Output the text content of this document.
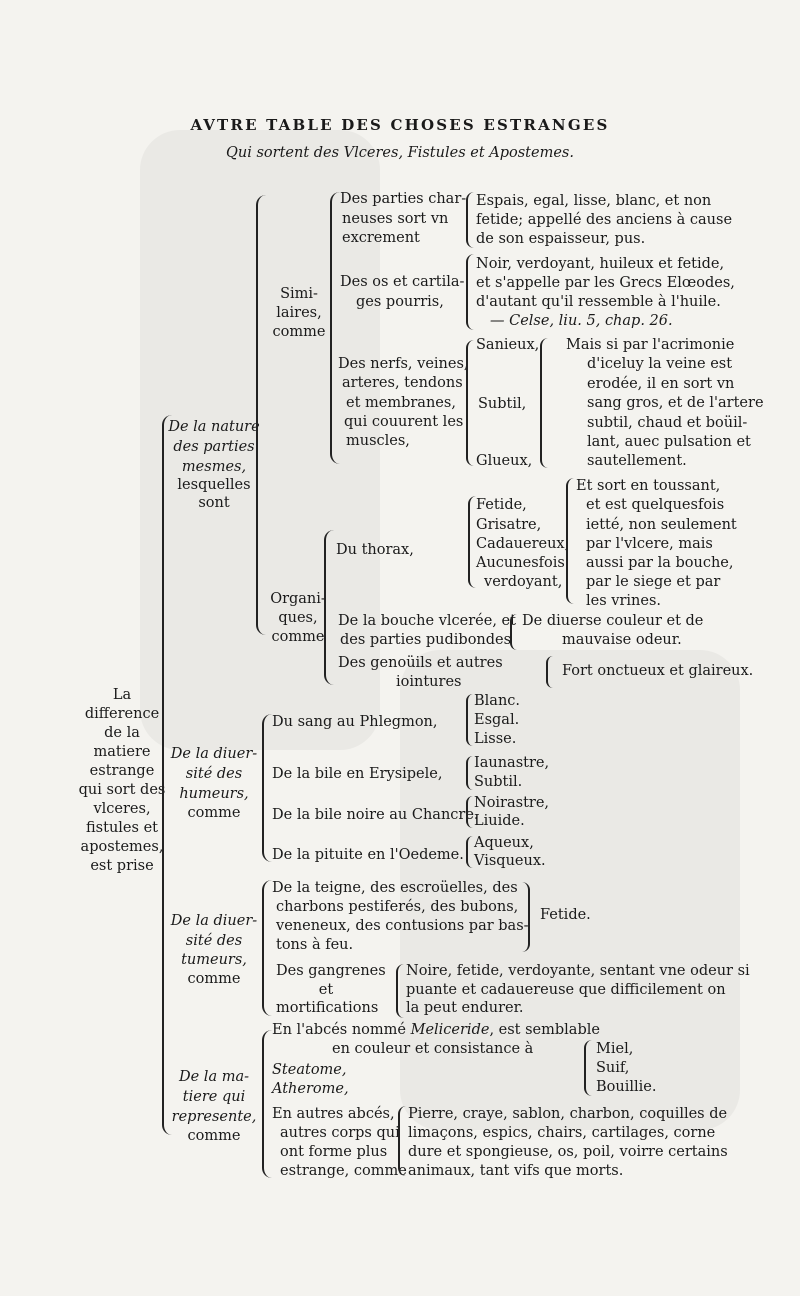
AVTRE TABLE DES CHOSES ESTRANGES
Qui sortent des Vlceres, Fistules et Apostemes.
La
difference
de la
matiere
estrange
qui sort des
vlceres,
fistules et
apostemes,
est prise
De la nature
des parties
mesmes,
lesquelles
sont
Simi-
laires,
comme
Des parties char-
neuses sort vn
excrement
Espais, egal, lisse, blanc, et non
fetide; appellé des anciens à cause
de son espaisseur, pus.
Des os et cartila-
ges pourris,
Noir, verdoyant, huileux et fetide,
et s'appelle par les Grecs Elœodes,
d'autant qu'il ressemble à l'huile.
— Celse, liu. 5, chap. 26.
Des nerfs, veines,
arteres, tendons
et membranes,
qui couurent les
muscles,
Sanieux,
Subtil,
Glueux,
Mais si par l'acrimonie
d'iceluy la veine est
erodée, il en sort vn
sang gros, et de l'artere
subtil, chaud et boüil-
lant, auec pulsation et
sautellement.
Organi-
ques,
comme
Du thorax,
Fetide,
Grisatre,
Cadauereux,
Aucunesfois
verdoyant,
Et sort en toussant,
et est quelquesfois
ietté, non seulement
par l'vlcere, mais
aussi par la bouche,
par le siege et par
les vrines.
De la bouche vlcerée, et
des parties pudibondes
De diuerse couleur et de
mauvaise odeur.
Des genoüils et autres
iointures
Fort onctueux et glaireux.
De la diuer-
sité des
humeurs,
comme
Du sang au Phlegmon,
Blanc.
Esgal.
Lisse.
De la bile en Erysipele,
Iaunastre,
Subtil.
De la bile noire au Chancre.
Noirastre,
Liuide.
De la pituite en l'Oedeme.
Aqueux,
Visqueux.
De la diuer-
sité des
tumeurs,
comme
De la teigne, des escroüelles, des
charbons pestiferés, des bubons,
veneneux, des contusions par bas-
tons à feu.
Fetide.
Des gangrenes
et
mortifications
Noire, fetide, verdoyante, sentant vne odeur si
puante et cadauereuse que difficilement on
la peut endurer.
De la ma-
tiere qui
represente,
comme
En l'abcés nommé Meliceride, est semblable
en couleur et consistance à
Steatome,
Atherome,
Miel,
Suif,
Bouillie.
En autres abcés,
autres corps qui
ont forme plus
estrange, comme
Pierre, craye, sablon, charbon, coquilles de
limaçons, espics, chairs, cartilages, corne
dure et spongieuse, os, poil, voirre certains
animaux, tant vifs que morts.
